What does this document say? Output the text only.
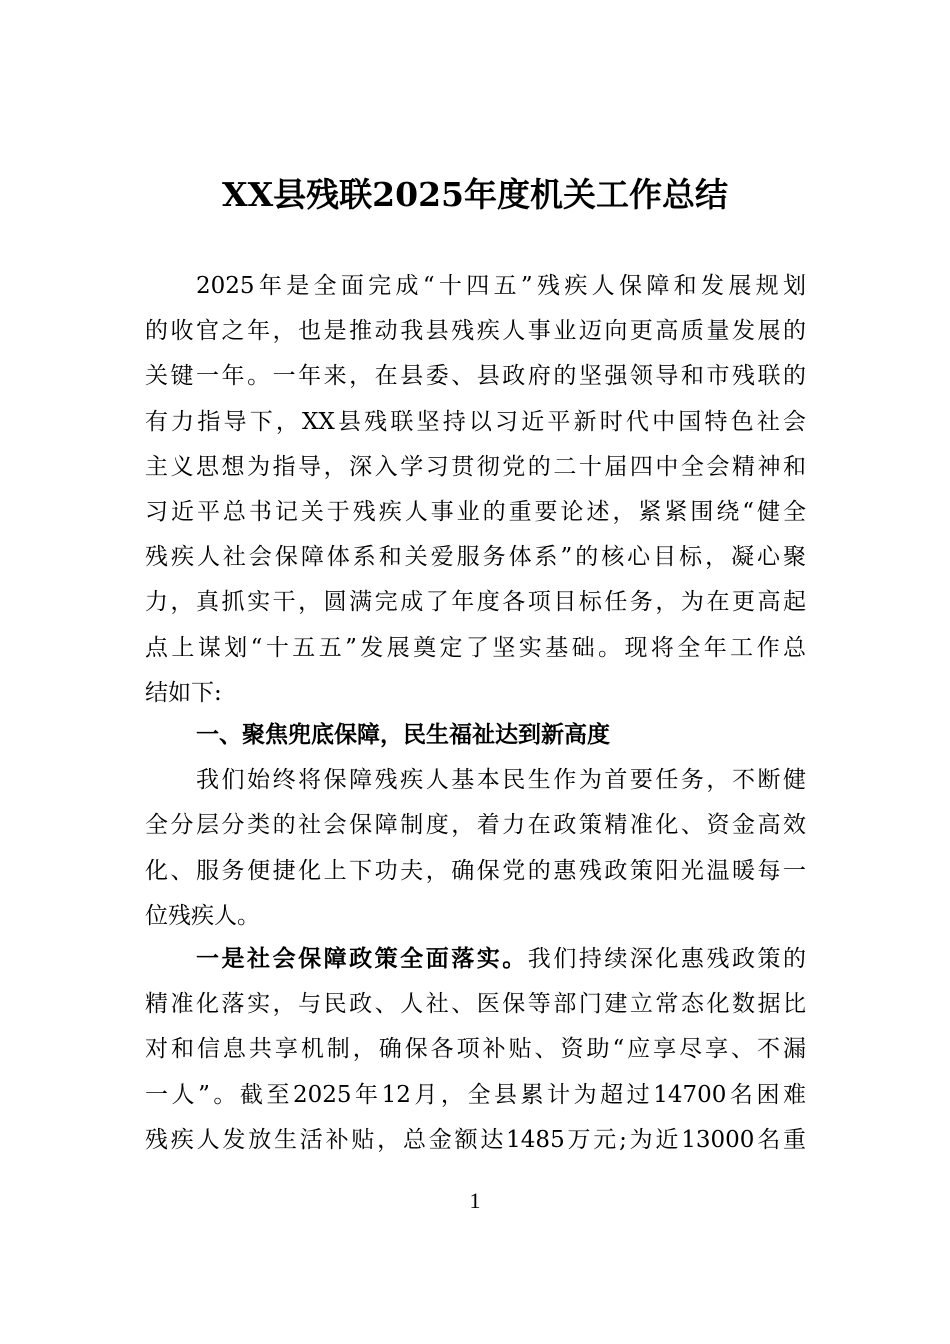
XX县残联2025年度机关工作总结
2025年是全面完成“十四五”残疾人保障和发展规划
的收官之年，也是推动我县残疾人事业迈向更高质量发展的
关键一年。一年来，在县委、县政府的坚强领导和市残联的
有力指导下，XX县残联坚持以习近平新时代中国特色社会
主义思想为指导，深入学习贯彻党的二十届四中全会精神和
习近平总书记关于残疾人事业的重要论述，紧紧围绕“健全
残疾人社会保障体系和关爱服务体系”的核心目标，凝心聚
力，真抓实干，圆满完成了年度各项目标任务，为在更高起
点上谋划“十五五”发展奠定了坚实基础。现将全年工作总
结如下:
一、聚焦兜底保障，民生福祉达到新高度
我们始终将保障残疾人基本民生作为首要任务，不断健
全分层分类的社会保障制度，着力在政策精准化、资金高效
化、服务便捷化上下功夫，确保党的惠残政策阳光温暖每一
位残疾人。
一是社会保障政策全面落实。我们持续深化惠残政策的
精准化落实，与民政、人社、医保等部门建立常态化数据比
对和信息共享机制，确保各项补贴、资助“应享尽享、不漏
一人”。截至2025年12月，全县累计为超过14700名困难
残疾人发放生活补贴，总金额达1485万元;为近13000名重
1
